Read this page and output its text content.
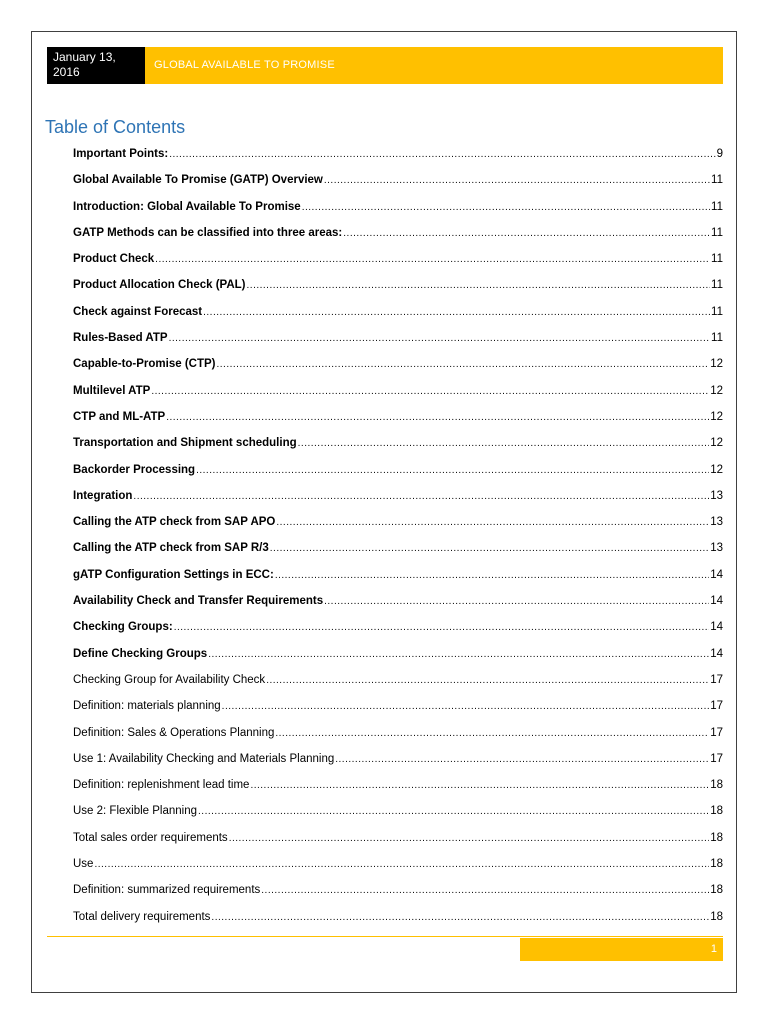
January 13, 2016	GLOBAL AVAILABLE TO PROMISE
Table of Contents
Important Points: .....	9
Global Available To Promise (GATP) Overview .....	11
Introduction: Global Available To Promise .....	11
GATP Methods can be classified into three areas: .....	11
Product Check .....	11
Product Allocation Check (PAL) .....	11
Check against Forecast .....	11
Rules-Based ATP .....	11
Capable-to-Promise (CTP) .....	12
Multilevel ATP .....	12
CTP and ML-ATP .....	12
Transportation and Shipment scheduling .....	12
Backorder Processing .....	12
Integration .....	13
Calling the ATP check from SAP APO .....	13
Calling the ATP check from SAP R/3 .....	13
gATP Configuration Settings in ECC: .....	14
Availability Check and Transfer Requirements .....	14
Checking Groups: .....	14
Define Checking Groups .....	14
Checking Group for Availability Check .....	17
Definition: materials planning .....	17
Definition: Sales & Operations Planning .....	17
Use 1: Availability Checking and Materials Planning .....	17
Definition: replenishment lead time .....	18
Use 2: Flexible Planning .....	18
Total sales order requirements .....	18
Use .....	18
Definition: summarized requirements .....	18
Total delivery requirements .....	18
1
